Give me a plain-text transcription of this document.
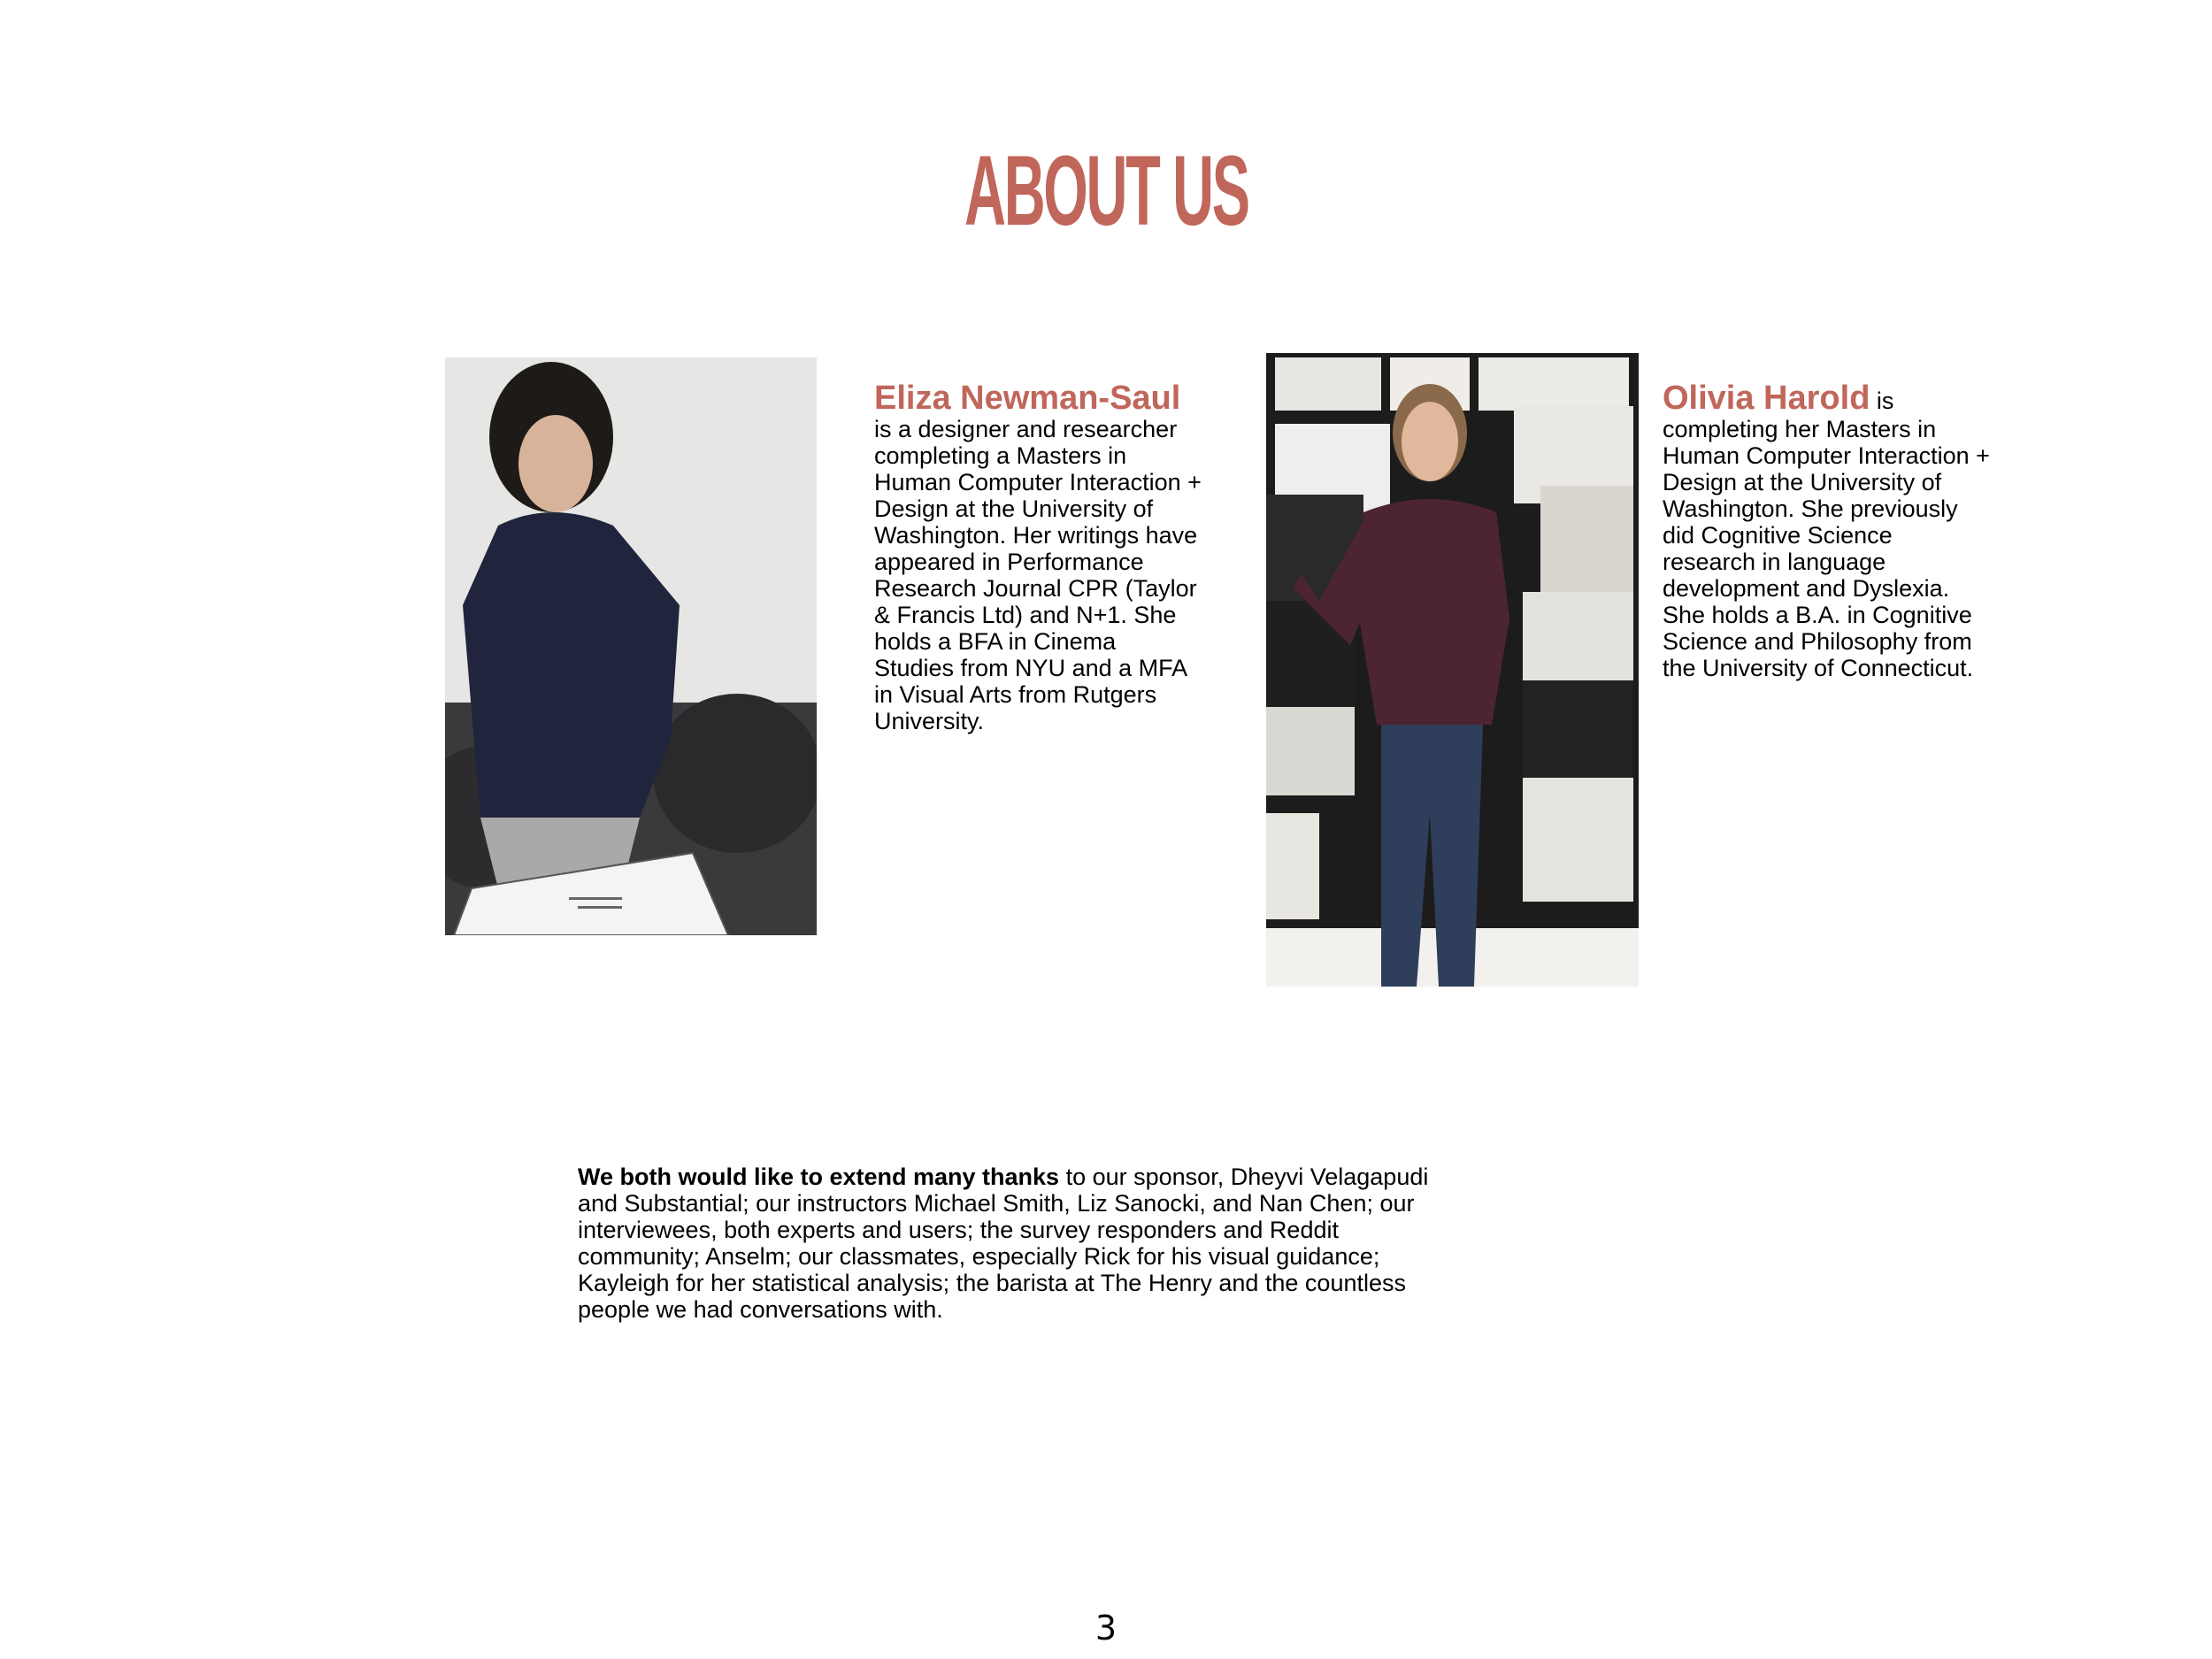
ABOUT US
Eliza Newman-Saul is a designer and researcher completing a Masters in Human Computer Interaction + Design at the University of Washington. Her writings have appeared in Performance Research Journal CPR (Taylor & Francis Ltd) and N+1. She holds a BFA in Cinema Studies from NYU and a MFA in Visual Arts from Rutgers University.
Olivia Harold is completing her Masters in Human Computer Interaction + Design at the University of Washington. She previously did Cognitive Science research in language development and Dyslexia. She holds a B.A. in Cognitive Science and Philosophy from the University of Connecticut.
We both would like to extend many thanks to our sponsor, Dheyvi Velagapudi and Substantial; our instructors Michael Smith, Liz Sanocki, and Nan Chen; our interviewees, both experts and users; the survey responders and Reddit community; Anselm; our classmates, especially Rick for his visual guidance; Kayleigh for her statistical analysis; the barista at The Henry and the countless people we had conversations with.
3
